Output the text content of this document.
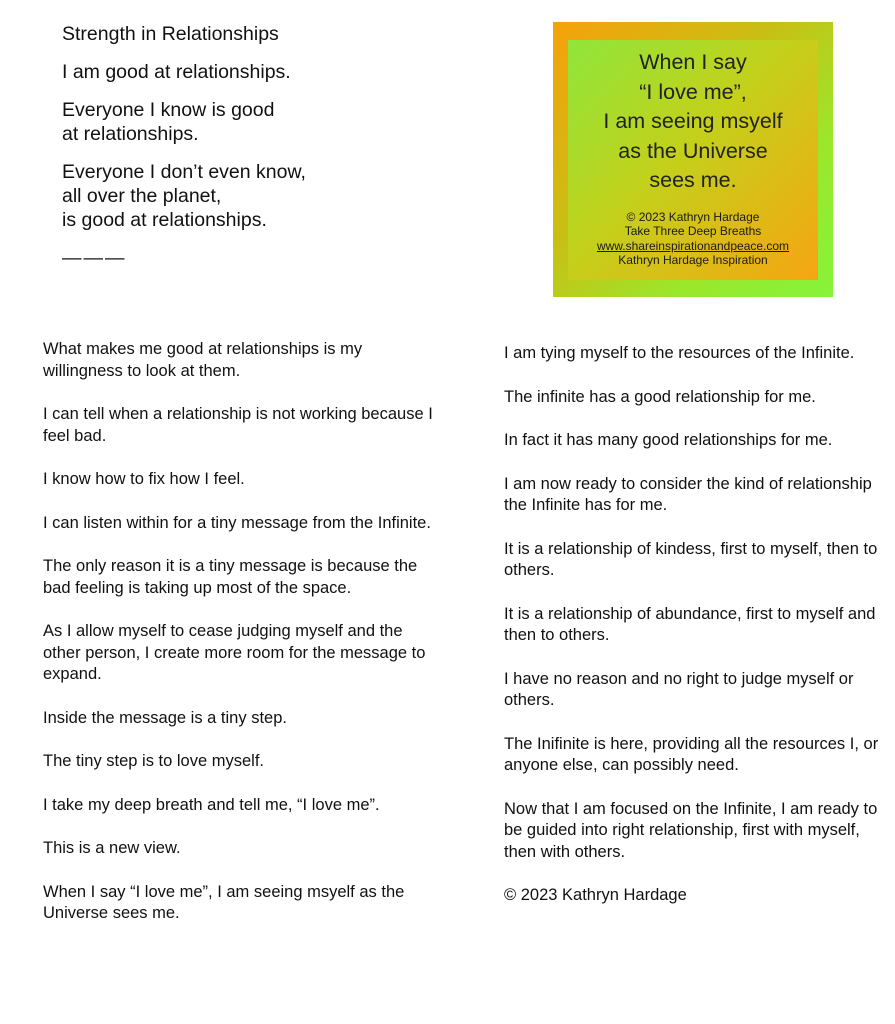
Strength in Relationships

I am good at relationships.

Everyone I know is good
at relationships.

Everyone I don’t even know,
all over the planet,
is good at relationships.

———

When I say
“I love me”,
I am seeing msyelf
as the Universe
sees me.
© 2023 Kathryn Hardage
Take Three Deep Breaths
www.shareinspirationandpeace.com
Kathryn Hardage Inspiration

What makes me good at relationships is my willingness to look at them.

I can tell when a relationship is not working because I feel bad.

I know how to fix how I feel.

I can listen within for a tiny message from the Infinite.

The only reason it is a tiny message is because the bad feeling is taking up most of the space.

As I allow myself to cease judging myself and the other person, I create more room for the message to expand.

Inside the message is a tiny step.

The tiny step is to love myself.

I take my deep breath and tell me, “I love me”.

This is a new view.

When I say “I love me”, I am seeing msyelf as the Universe sees me.

I am tying myself to the resources of the Infinite.

The infinite has a good relationship for me.

In fact it has many good relationships for me.

I am now ready to consider the kind of relationship the Infinite has for me.

It is a relationship of kindess, first to myself, then to others.

It is a relationship of abundance, first to myself and then to others.

I have no reason and no right to judge myself or others.

The Inifinite is here, providing all the resources I, or anyone else, can possibly need.

Now that I am focused on the Infinite, I am ready to be guided into right relationship, first with myself, then with others.

© 2023 Kathryn Hardage
